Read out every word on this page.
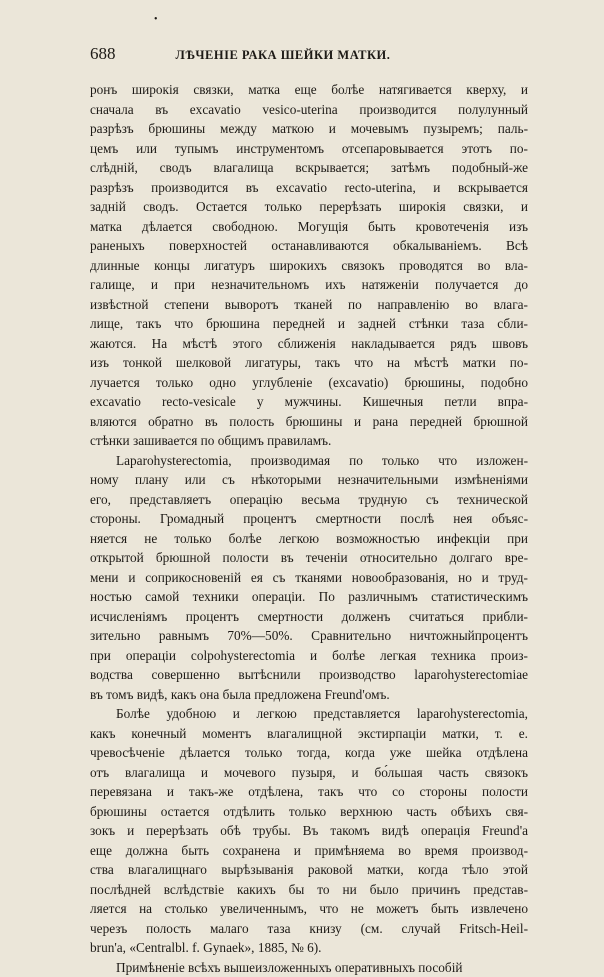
688	ЛѢЧЕНІЕ РАКА ШЕЙКИ МАТКИ.
•
ронъ широкія связки, матка еще болѣе натягивается кверху, и
сначала въ excavatio vesico-uterina производится полулунный
разрѣзъ брюшины между маткою и мочевымъ пузыремъ; паль-
цемъ или тупымъ инструментомъ отсепаровывается этотъ по-
слѣдній, сводъ влагалища вскрывается; затѣмъ подобный-же
разрѣзъ производится въ excavatio recto-uterina, и вскрывается
задній сводъ. Остается только перерѣзать широкія связки, и
матка дѣлается свободною. Могущія быть кровотеченія изъ
раненыхъ поверхностей останавливаются обкалываніемъ. Всѣ
длинные концы лигатуръ широкихъ связокъ проводятся во вла-
галище, и при незначительномъ ихъ натяженіи получается до
извѣстной степени выворотъ тканей по направленію во влага-
лище, такъ что брюшина передней и задней стѣнки таза сбли-
жаются. На мѣстѣ этого сближенія накладывается рядъ швовъ
изъ тонкой шелковой лигатуры, такъ что на мѣстѣ матки по-
лучается только одно углубленіе (excavatio) брюшины, подобно
excavatio recto-vesicale у мужчины. Кишечныя петли впра-
вляются обратно въ полость брюшины и рана передней брюшной
стѣнки зашивается по общимъ правиламъ.
Laparohysterectomia, производимая по только что изложен-
ному плану или съ нѣкоторыми незначительными измѣненіями
его, представляетъ операцію весьма трудную съ технической
стороны. Громадный процентъ смертности послѣ нея объяс-
няется не только болѣе легкою возможностью инфекціи при
открытой брюшной полости въ теченіи относительно долгаго вре-
мени и соприкосновеній ея съ тканями новообразованія, но и труд-
ностью самой техники операціи. По различнымъ статистическимъ
исчисленіямъ процентъ смертности долженъ считаться прибли-
зительно равнымъ 70%—50%. Сравнительно ничтожныйпроцентъ
при операціи colpohysterectomia и болѣе легкая техника произ-
водства совершенно вытѣснили производство laparohysterectomiae
въ томъ видѣ, какъ она была предложена Freund'омъ.
Болѣе удобною и легкою представляется laparohysterectomia,
какъ конечный моментъ влагалищной экстирпаціи матки, т. е.
чревосѣченіе дѣлается только тогда, когда уже шейка отдѣлена
отъ влагалища и мочевого пузыря, и бо́льшая часть связокъ
перевязана и такъ-же отдѣлена, такъ что со стороны полости
брюшины остается отдѣлить только верхнюю часть обѣихъ свя-
зокъ и перерѣзать обѣ трубы. Въ такомъ видѣ операція Freund'а
еще должна быть сохранена и примѣняема во время производ-
ства влагалищнаго вырѣзыванія раковой матки, когда тѣло этой
послѣдней вслѣдствіе какихъ бы то ни было причинъ представ-
ляется на столько увеличеннымъ, что не можетъ быть извлечено
черезъ полость малаго таза книзу (см. случай Fritsch-Heil-
brun'а, «Centralbl. f. Gynaek», 1885, № 6).
Примѣненіе всѣхъ вышеизложенныхъ оперативныхъ пособій
